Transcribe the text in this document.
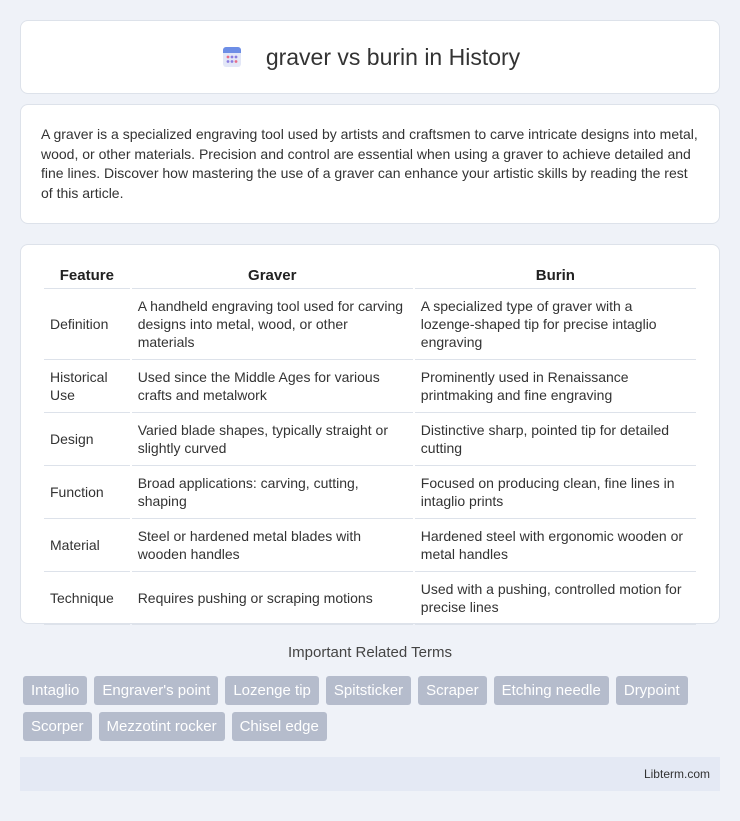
graver vs burin in History

A graver is a specialized engraving tool used by artists and craftsmen to carve intricate designs into metal, wood, or other materials. Precision and control are essential when using a graver to achieve detailed and fine lines. Discover how mastering the use of a graver can enhance your artistic skills by reading the rest of this article.

Feature	Graver	Burin
Definition	A handheld engraving tool used for carving designs into metal, wood, or other materials	A specialized type of graver with a lozenge-shaped tip for precise intaglio engraving
Historical Use	Used since the Middle Ages for various crafts and metalwork	Prominently used in Renaissance printmaking and fine engraving
Design	Varied blade shapes, typically straight or slightly curved	Distinctive sharp, pointed tip for detailed cutting
Function	Broad applications: carving, cutting, shaping	Focused on producing clean, fine lines in intaglio prints
Material	Steel or hardened metal blades with wooden handles	Hardened steel with ergonomic wooden or metal handles
Technique	Requires pushing or scraping motions	Used with a pushing, controlled motion for precise lines
Important Related Terms
Intaglio	Engraver's point	Lozenge tip	Spitsticker	Scraper	Etching needle	Drypoint
Scorper	Mezzotint rocker	Chisel edge
Libterm.com
